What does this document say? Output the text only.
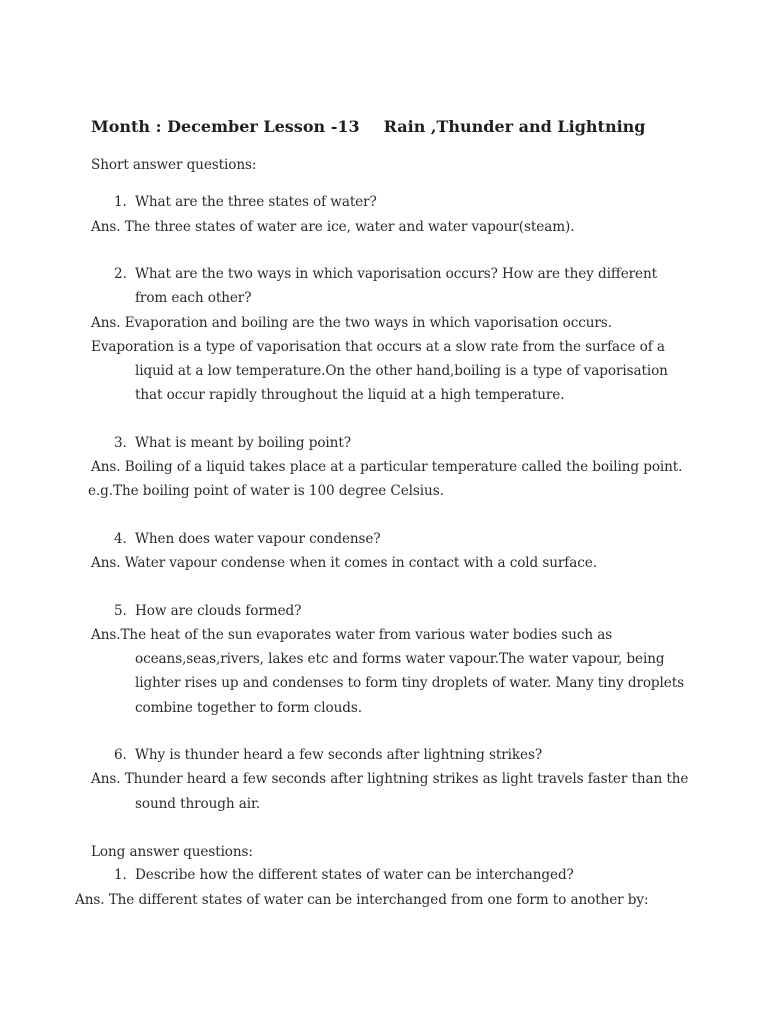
Month : December Lesson -13 Rain ,Thunder and Lightning
Short answer questions:
1. What are the three states of water?
Ans. The three states of water are ice, water and water vapour(steam).
2. What are the two ways in which vaporisation occurs? How are they different
from each other?
Ans. Evaporation and boiling are the two ways in which vaporisation occurs.
Evaporation is a type of vaporisation that occurs at a slow rate from the surface of a
liquid at a low temperature.On the other hand,boiling is a type of vaporisation
that occur rapidly throughout the liquid at a high temperature.
3. What is meant by boiling point?
Ans. Boiling of a liquid takes place at a particular temperature called the boiling point.
e.g.The boiling point of water is 100 degree Celsius.
4. When does water vapour condense?
Ans. Water vapour condense when it comes in contact with a cold surface.
5. How are clouds formed?
Ans.The heat of the sun evaporates water from various water bodies such as
oceans,seas,rivers, lakes etc and forms water vapour.The water vapour, being
lighter rises up and condenses to form tiny droplets of water. Many tiny droplets
combine together to form clouds.
6. Why is thunder heard a few seconds after lightning strikes?
Ans. Thunder heard a few seconds after lightning strikes as light travels faster than the
sound through air.
Long answer questions:
1. Describe how the different states of water can be interchanged?
Ans. The different states of water can be interchanged from one form to another by:
